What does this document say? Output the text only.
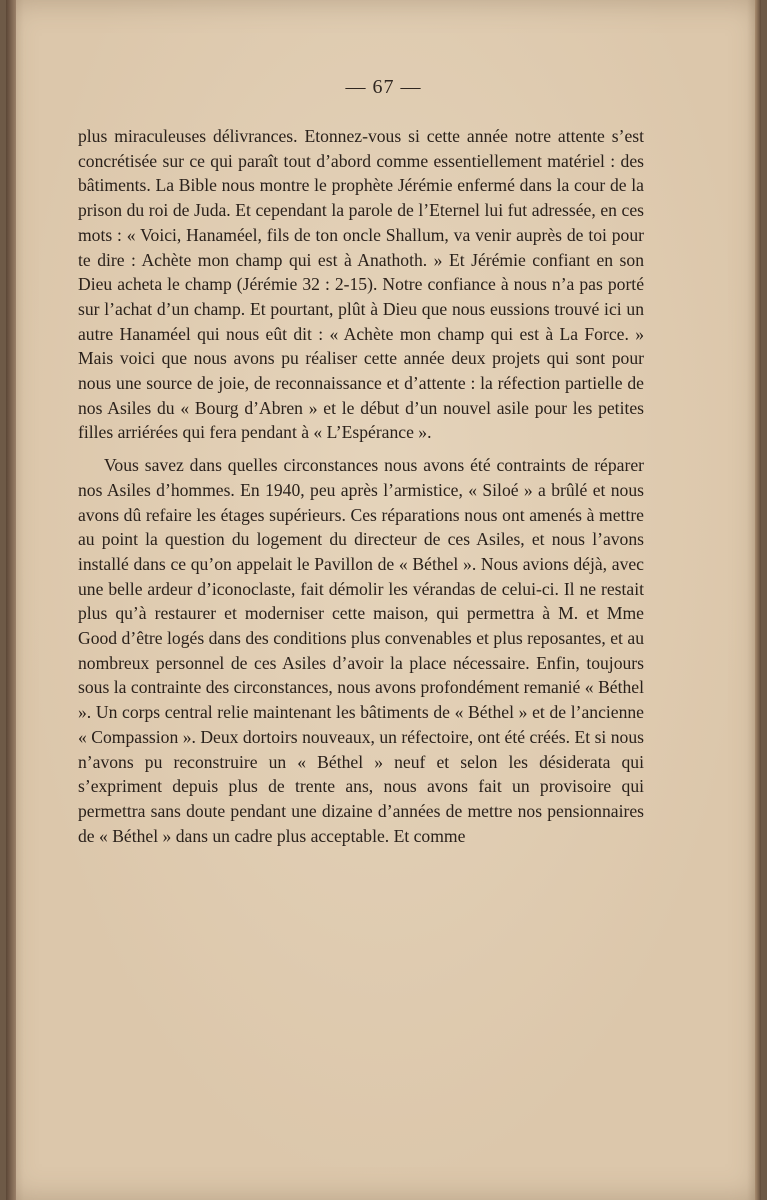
— 67 —

plus miraculeuses délivrances. Etonnez-vous si cette année notre attente s’est concrétisée sur ce qui paraît tout d’abord comme essentiellement matériel : des bâtiments. La Bible nous montre le prophète Jérémie enfermé dans la cour de la prison du roi de Juda. Et cependant la parole de l’Eternel lui fut adressée, en ces mots : « Voici, Hanaméel, fils de ton oncle Shallum, va venir auprès de toi pour te dire : Achète mon champ qui est à Anathoth. » Et Jérémie confiant en son Dieu acheta le champ (Jérémie 32 : 2-15). Notre confiance à nous n’a pas porté sur l’achat d’un champ. Et pourtant, plût à Dieu que nous eussions trouvé ici un autre Hanaméel qui nous eût dit : « Achète mon champ qui est à La Force. » Mais voici que nous avons pu réaliser cette année deux projets qui sont pour nous une source de joie, de reconnaissance et d’attente : la réfection partielle de nos Asiles du « Bourg d’Abren » et le début d’un nouvel asile pour les petites filles arriérées qui fera pendant à « L’Espérance ».

Vous savez dans quelles circonstances nous avons été contraints de réparer nos Asiles d’hommes. En 1940, peu après l’armistice, « Siloé » a brûlé et nous avons dû refaire les étages supérieurs. Ces réparations nous ont amenés à mettre au point la question du logement du directeur de ces Asiles, et nous l’avons installé dans ce qu’on appelait le Pavillon de « Béthel ». Nous avions déjà, avec une belle ardeur d’iconoclaste, fait démolir les vérandas de celui-ci. Il ne restait plus qu’à restaurer et moderniser cette maison, qui permettra à M. et Mme Good d’être logés dans des conditions plus convenables et plus reposantes, et au nombreux personnel de ces Asiles d’avoir la place nécessaire. Enfin, toujours sous la contrainte des circonstances, nous avons profondément remanié « Béthel ». Un corps central relie maintenant les bâtiments de « Béthel » et de l’ancienne « Compassion ». Deux dortoirs nouveaux, un réfectoire, ont été créés. Et si nous n’avons pu reconstruire un « Béthel » neuf et selon les désiderata qui s’expriment depuis plus de trente ans, nous avons fait un provisoire qui permettra sans doute pendant une dizaine d’années de mettre nos pensionnaires de « Béthel » dans un cadre plus acceptable. Et comme
